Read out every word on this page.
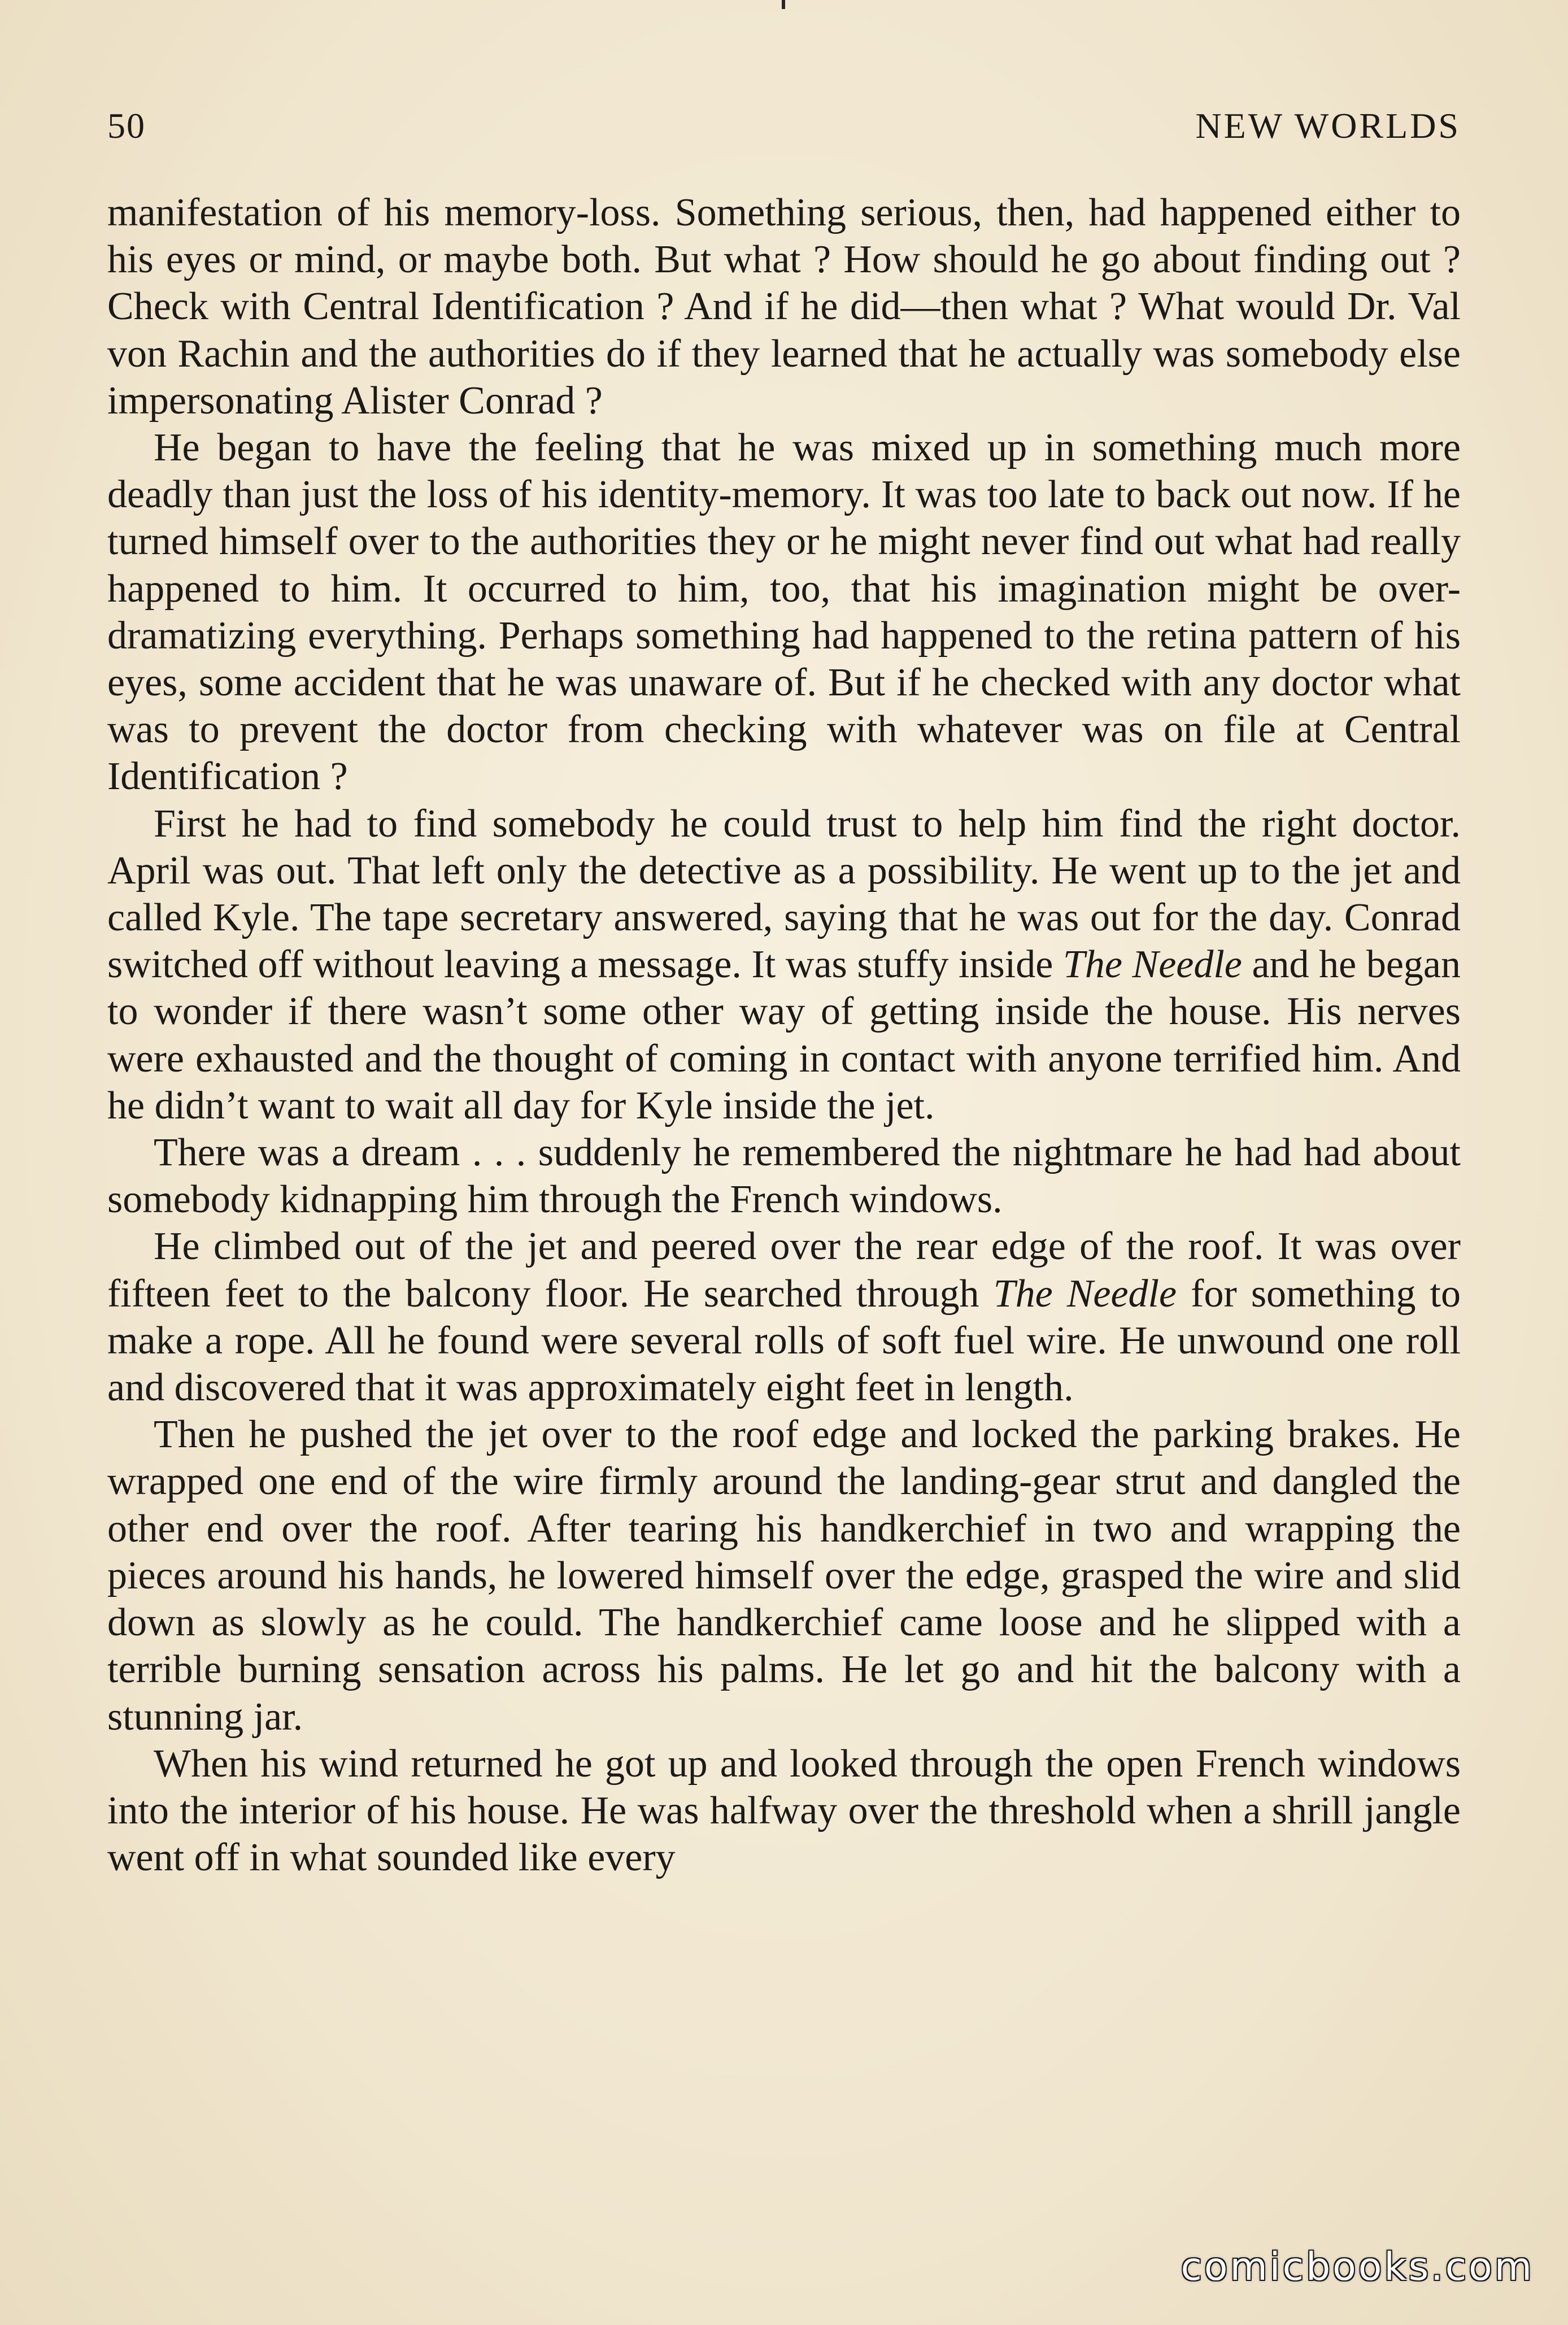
50	NEW WORLDS

manifestation of his memory-loss. Something serious, then, had happened either to his eyes or mind, or maybe both. But what ? How should he go about finding out ? Check with Central Identification ? And if he did—then what ? What would Dr. Val von Rachin and the authorities do if they learned that he actually was somebody else impersonating Alister Conrad ?

He began to have the feeling that he was mixed up in something much more deadly than just the loss of his identity-memory. It was too late to back out now. If he turned himself over to the authorities they or he might never find out what had really happened to him. It occurred to him, too, that his imagination might be over-dramatizing everything. Perhaps something had happened to the retina pattern of his eyes, some accident that he was unaware of. But if he checked with any doctor what was to prevent the doctor from checking with whatever was on file at Central Identification ?

First he had to find somebody he could trust to help him find the right doctor. April was out. That left only the detective as a possibility. He went up to the jet and called Kyle. The tape secretary answered, saying that he was out for the day. Conrad switched off without leaving a message. It was stuffy inside The Needle and he began to wonder if there wasn’t some other way of getting inside the house. His nerves were exhausted and the thought of coming in contact with anyone terrified him. And he didn’t want to wait all day for Kyle inside the jet.

There was a dream . . . suddenly he remembered the nightmare he had had about somebody kidnapping him through the French windows.

He climbed out of the jet and peered over the rear edge of the roof. It was over fifteen feet to the balcony floor. He searched through The Needle for something to make a rope. All he found were several rolls of soft fuel wire. He unwound one roll and discovered that it was approximately eight feet in length.

Then he pushed the jet over to the roof edge and locked the parking brakes. He wrapped one end of the wire firmly around the landing-gear strut and dangled the other end over the roof. After tearing his handkerchief in two and wrapping the pieces around his hands, he lowered himself over the edge, grasped the wire and slid down as slowly as he could. The handkerchief came loose and he slipped with a terrible burning sensation across his palms. He let go and hit the balcony with a stunning jar.

When his wind returned he got up and looked through the open French windows into the interior of his house. He was halfway over the threshold when a shrill jangle went off in what sounded like every

comicbooks.com
